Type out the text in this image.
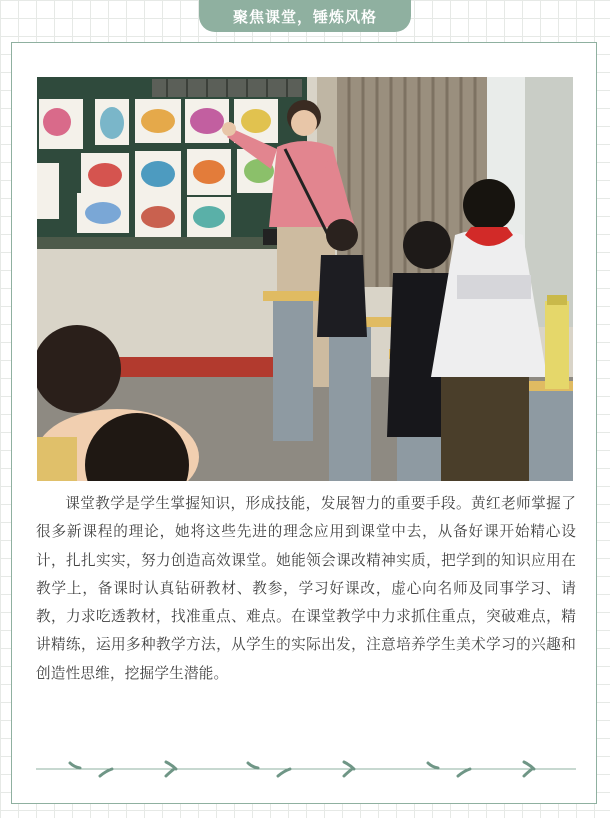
聚焦课堂，锤炼风格

课堂教学是学生掌握知识，形成技能，发展智力的重要手段。黄红老师掌握了很多新课程的理论，她将这些先进的理念应用到课堂中去，从备好课开始精心设计，扎扎实实，努力创造高效课堂。她能领会课改精神实质，把学到的知识应用在教学上，备课时认真钻研教材、教参，学习好课改，虚心向名师及同事学习、请教，力求吃透教材，找准重点、难点。在课堂教学中力求抓住重点，突破难点，精讲精练，运用多种教学方法，从学生的实际出发，注意培养学生美术学习的兴趣和创造性思维，挖掘学生潜能。
